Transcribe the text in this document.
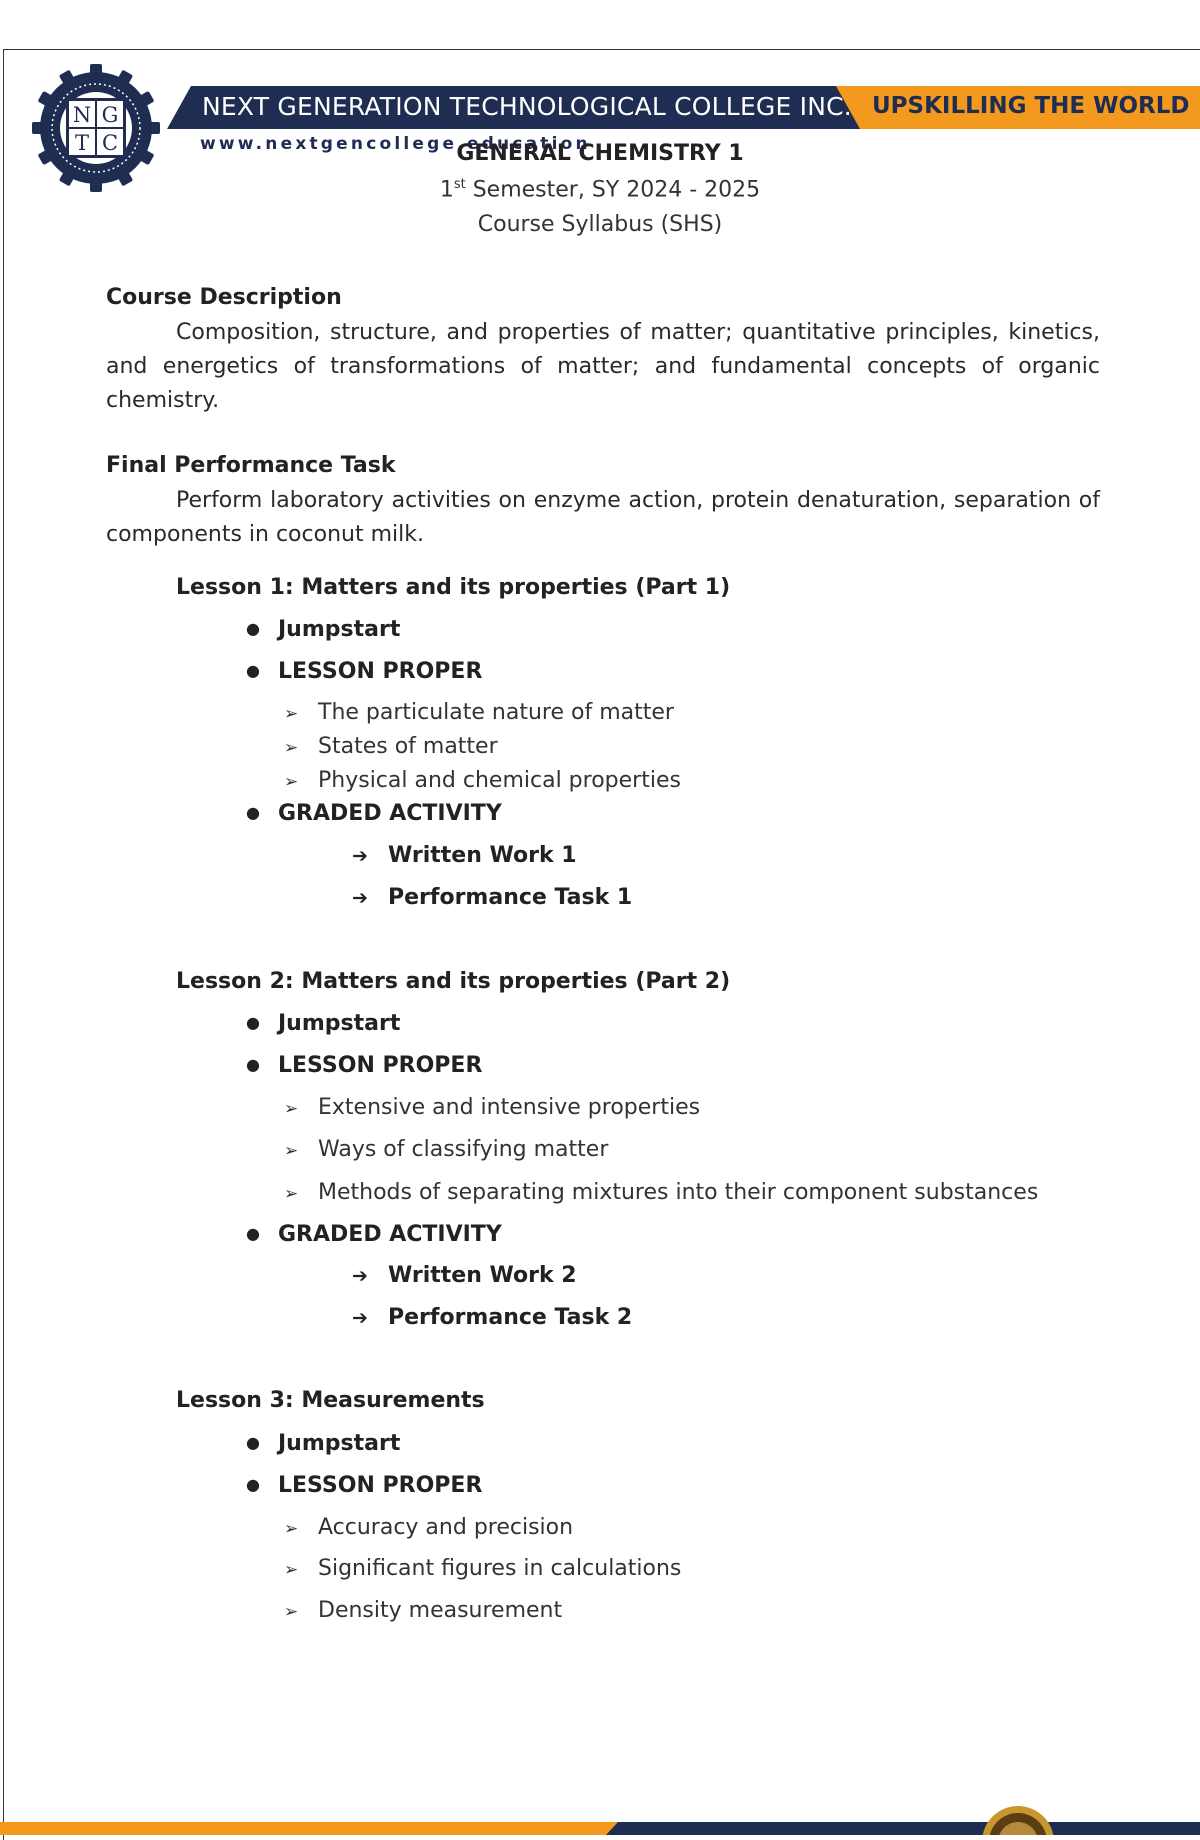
N G
T C
NEXT GENERATION TECHNOLOGICAL COLLEGE INC. UPSKILLING THE WORLD
www.nextgencollege.education
GENERAL CHEMISTRY 1
1st Semester, SY 2024 - 2025
Course Syllabus (SHS)
Course Description
Composition, structure, and properties of matter; quantitative principles, kinetics, and energetics of transformations of matter; and fundamental concepts of organic chemistry.
Final Performance Task
Perform laboratory activities on enzyme action, protein denaturation, separation of components in coconut milk.
Lesson 1: Matters and its properties (Part 1)
● Jumpstart
● LESSON PROPER
➢ The particulate nature of matter
➢ States of matter
➢ Physical and chemical properties
● GRADED ACTIVITY
➔ Written Work 1
➔ Performance Task 1
Lesson 2: Matters and its properties (Part 2)
● Jumpstart
● LESSON PROPER
➢ Extensive and intensive properties
➢ Ways of classifying matter
➢ Methods of separating mixtures into their component substances
● GRADED ACTIVITY
➔ Written Work 2
➔ Performance Task 2
Lesson 3: Measurements
● Jumpstart
● LESSON PROPER
➢ Accuracy and precision
➢ Significant figures in calculations
➢ Density measurement
